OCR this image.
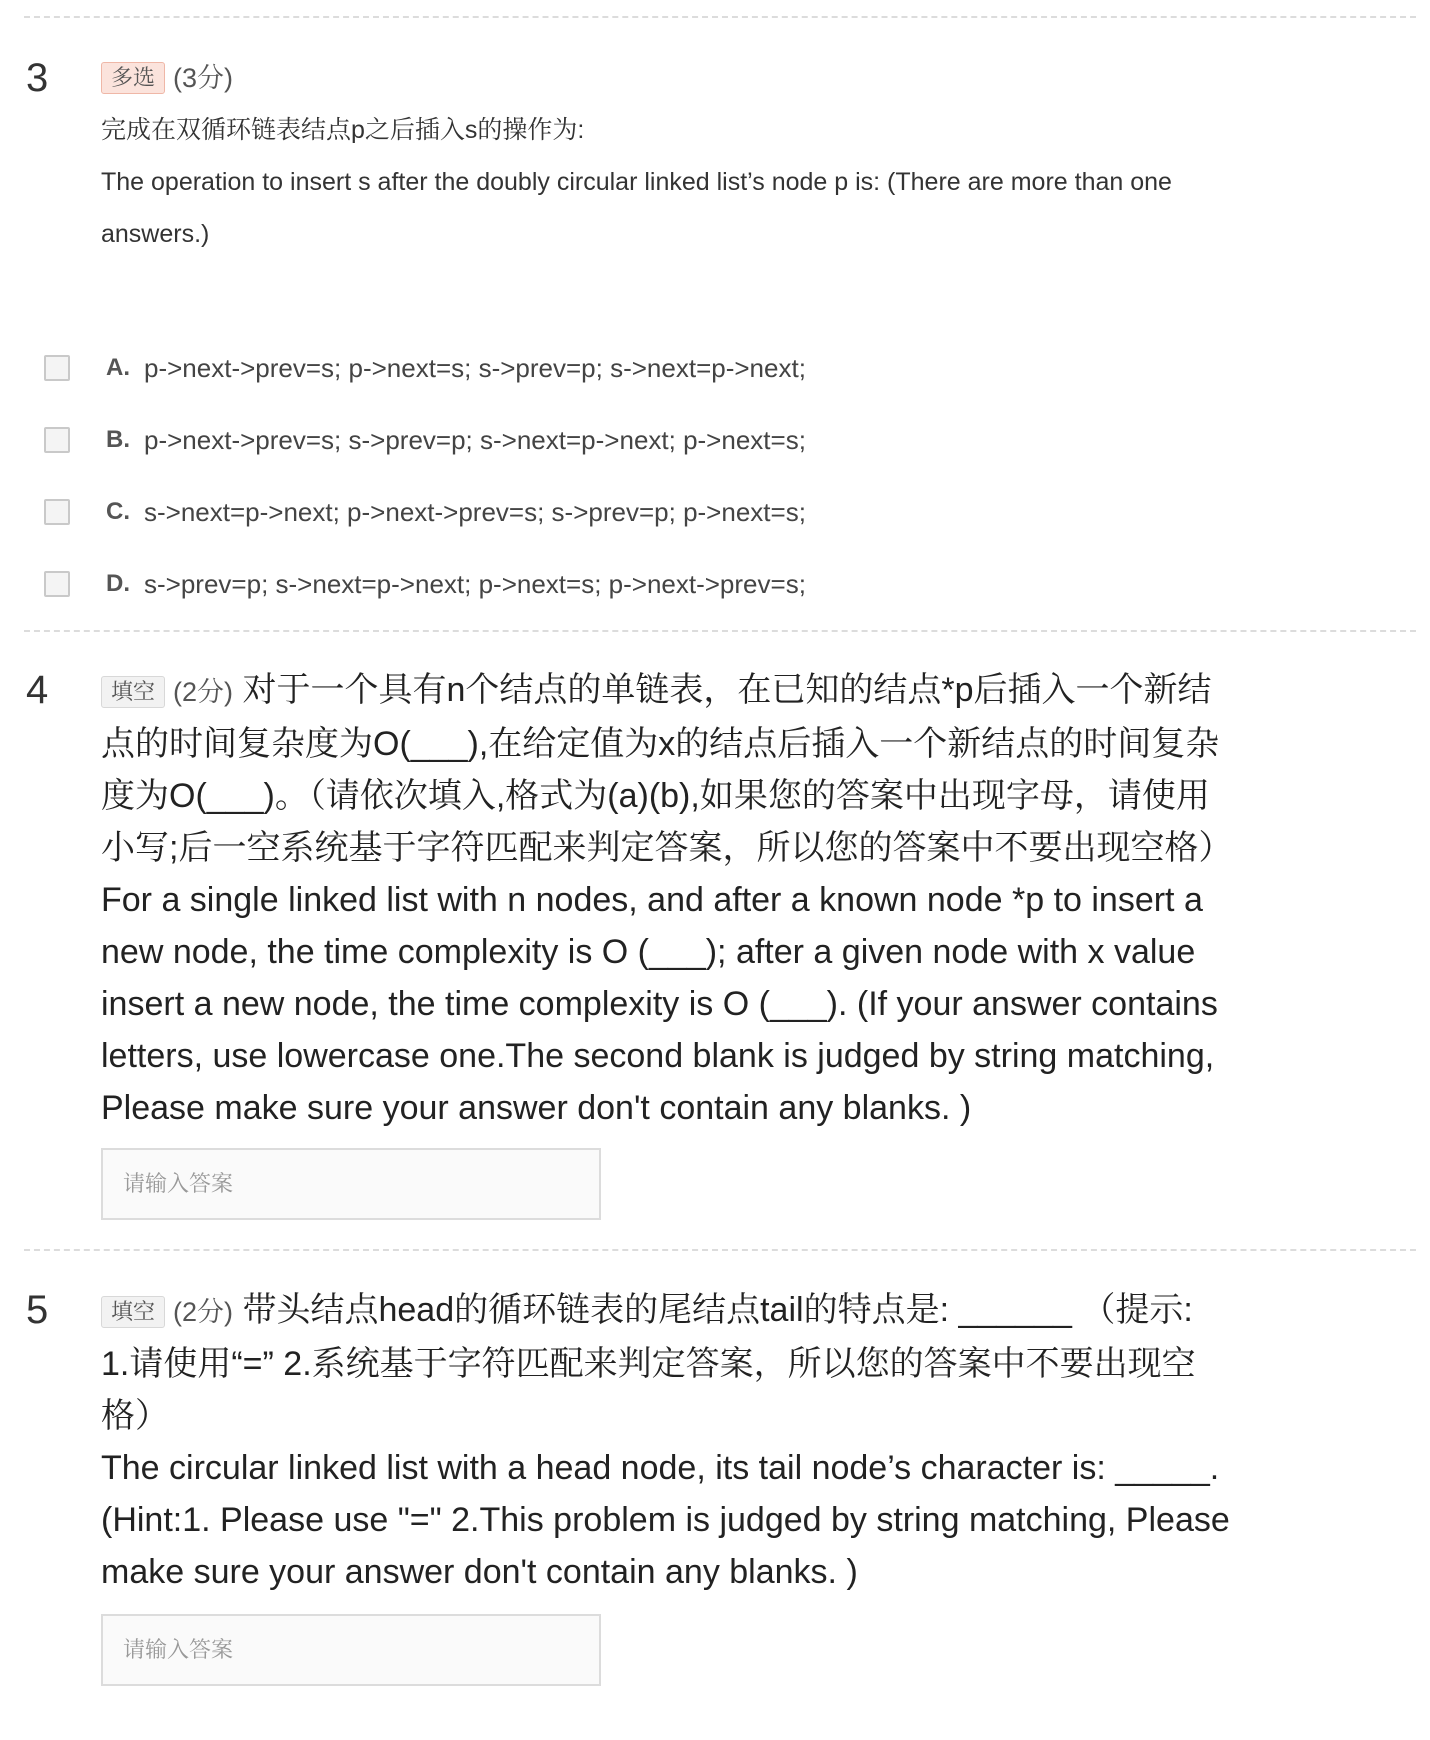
3	多选 (3分)
完成在双循环链表结点p之后插入s的操作为:
The operation to insert s after the doubly circular linked list’s node p is: (There are more than one
answers.)
A. p->next->prev=s; p->next=s; s->prev=p; s->next=p->next;
B. p->next->prev=s; s->prev=p; s->next=p->next; p->next=s;
C. s->next=p->next; p->next->prev=s; s->prev=p; p->next=s;
D. s->prev=p; s->next=p->next; p->next=s; p->next->prev=s;
4	填空 (2分) 对于一个具有n个结点的单链表，在已知的结点*p后插入一个新结
点的时间复杂度为O(___),在给定值为x的结点后插入一个新结点的时间复杂
度为O(___)。（请依次填入,格式为(a)(b),如果您的答案中出现字母，请使用
小写;后一空系统基于字符匹配来判定答案，所以您的答案中不要出现空格）
For a single linked list with n nodes, and after a known node *p to insert a
new node, the time complexity is O (___); after a given node with x value
insert a new node, the time complexity is O (___). (If your answer contains
letters, use lowercase one.The second blank is judged by string matching,
Please make sure your answer don't contain any blanks. )
请输入答案
5	填空 (2分) 带头结点head的循环链表的尾结点tail的特点是: ______ （提示:
1.请使用“=” 2.系统基于字符匹配来判定答案，所以您的答案中不要出现空
格）
The circular linked list with a head node, its tail node’s character is: _____.
(Hint:1. Please use "=" 2.This problem is judged by string matching, Please
make sure your answer don't contain any blanks. )
请输入答案
